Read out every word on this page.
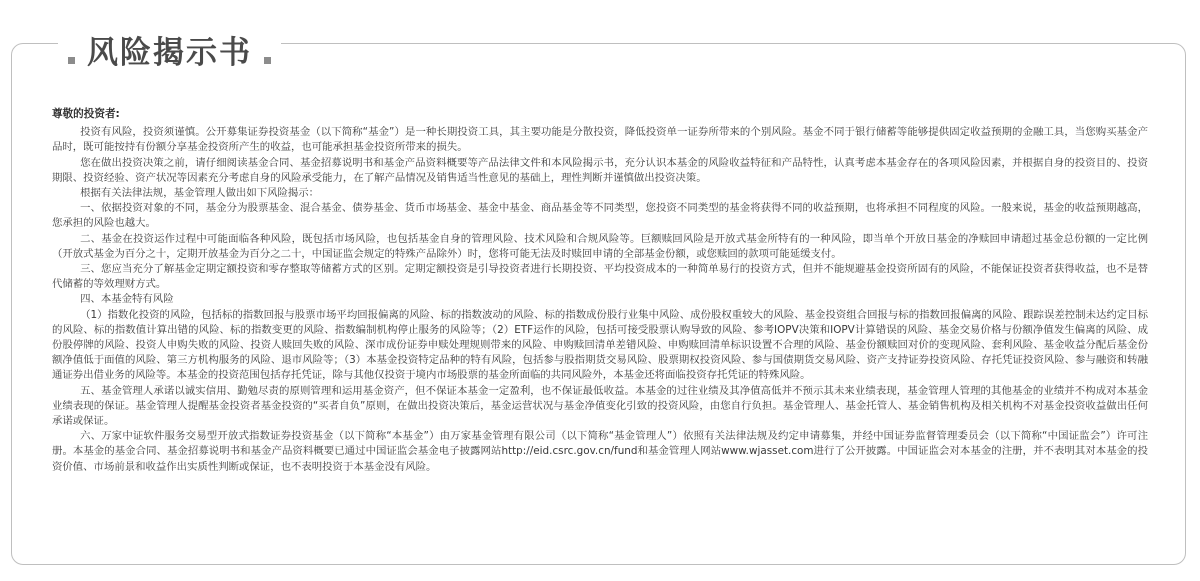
风险揭示书
尊敬的投资者:

投资有风险，投资须谨慎。公开募集证券投资基金（以下简称“基金”）是一种长期投资工具，其主要功能是分散投资，降低投资单一证券所带来的个别风险。基金不同于银行储蓄等能够提供固定收益预期的金融工具，当您购买基金产品时，既可能按持有份额分享基金投资所产生的收益，也可能承担基金投资所带来的损失。

您在做出投资决策之前，请仔细阅读基金合同、基金招募说明书和基金产品资料概要等产品法律文件和本风险揭示书，充分认识本基金的风险收益特征和产品特性，认真考虑本基金存在的各项风险因素，并根据自身的投资目的、投资期限、投资经验、资产状况等因素充分考虑自身的风险承受能力，在了解产品情况及销售适当性意见的基础上，理性判断并谨慎做出投资决策。

根据有关法律法规，基金管理人做出如下风险揭示：

一、依据投资对象的不同，基金分为股票基金、混合基金、债券基金、货币市场基金、基金中基金、商品基金等不同类型，您投资不同类型的基金将获得不同的收益预期，也将承担不同程度的风险。一般来说，基金的收益预期越高，您承担的风险也越大。

二、基金在投资运作过程中可能面临各种风险，既包括市场风险，也包括基金自身的管理风险、技术风险和合规风险等。巨额赎回风险是开放式基金所特有的一种风险，即当单个开放日基金的净赎回申请超过基金总份额的一定比例（开放式基金为百分之十，定期开放基金为百分之二十，中国证监会规定的特殊产品除外）时，您将可能无法及时赎回申请的全部基金份额，或您赎回的款项可能延缓支付。

三、您应当充分了解基金定期定额投资和零存整取等储蓄方式的区别。定期定额投资是引导投资者进行长期投资、平均投资成本的一种简单易行的投资方式，但并不能规避基金投资所固有的风险，不能保证投资者获得收益，也不是替代储蓄的等效理财方式。

四、本基金特有风险

（1）指数化投资的风险，包括标的指数回报与股票市场平均回报偏离的风险、标的指数波动的风险、标的指数成份股行业集中风险、成份股权重较大的风险、基金投资组合回报与标的指数回报偏离的风险、跟踪误差控制未达约定目标的风险、标的指数值计算出错的风险、标的指数变更的风险、指数编制机构停止服务的风险等；（2）ETF运作的风险，包括可接受股票认购导致的风险、参考IOPV决策和IOPV计算错误的风险、基金交易价格与份额净值发生偏离的风险、成份股停牌的风险、投资人申购失败的风险、投资人赎回失败的风险、深市成份证券申赎处理规则带来的风险、申购赎回清单差错风险、申购赎回清单标识设置不合理的风险、基金份额赎回对价的变现风险、套利风险、基金收益分配后基金份额净值低于面值的风险、第三方机构服务的风险、退市风险等；（3）本基金投资特定品种的特有风险，包括参与股指期货交易风险、股票期权投资风险、参与国债期货交易风险、资产支持证券投资风险、存托凭证投资风险、参与融资和转融通证券出借业务的风险等。本基金的投资范围包括存托凭证，除与其他仅投资于境内市场股票的基金所面临的共同风险外，本基金还将面临投资存托凭证的特殊风险。

五、基金管理人承诺以诚实信用、勤勉尽责的原则管理和运用基金资产，但不保证本基金一定盈利，也不保证最低收益。本基金的过往业绩及其净值高低并不预示其未来业绩表现，基金管理人管理的其他基金的业绩并不构成对本基金业绩表现的保证。基金管理人提醒基金投资者基金投资的“买者自负”原则，在做出投资决策后，基金运营状况与基金净值变化引致的投资风险，由您自行负担。基金管理人、基金托管人、基金销售机构及相关机构不对基金投资收益做出任何承诺或保证。

六、万家中证软件服务交易型开放式指数证券投资基金（以下简称“本基金”）由万家基金管理有限公司（以下简称“基金管理人”）依照有关法律法规及约定申请募集，并经中国证券监督管理委员会（以下简称“中国证监会”）许可注册。本基金的基金合同、基金招募说明书和基金产品资料概要已通过中国证监会基金电子披露网站http://eid.csrc.gov.cn/fund和基金管理人网站www.wjasset.com进行了公开披露。中国证监会对本基金的注册，并不表明其对本基金的投资价值、市场前景和收益作出实质性判断或保证，也不表明投资于本基金没有风险。
